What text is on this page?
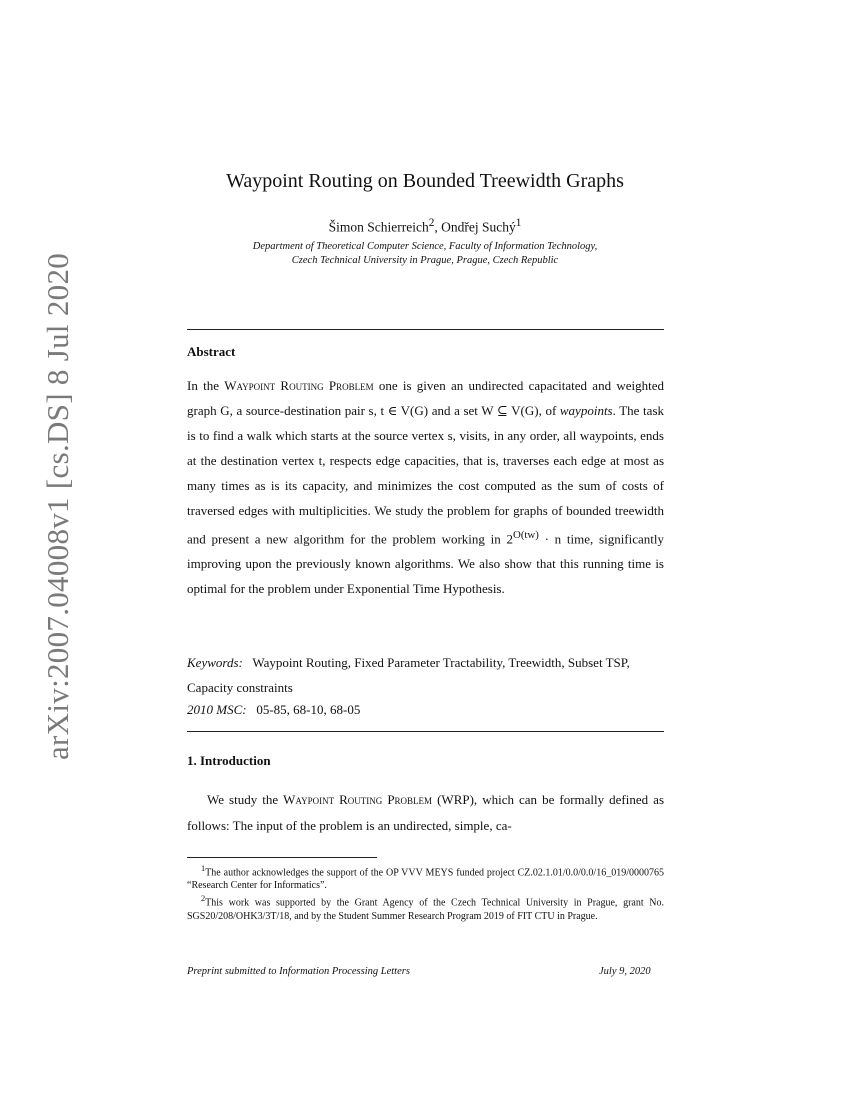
arXiv:2007.04008v1 [cs.DS] 8 Jul 2020
Waypoint Routing on Bounded Treewidth Graphs
Šimon Schierreich$^2$, Ondřej Suchý$^1$
Department of Theoretical Computer Science, Faculty of Information Technology,
Czech Technical University in Prague, Prague, Czech Republic
Abstract
In the Waypoint Routing Problem one is given an undirected capacitated and weighted graph G, a source-destination pair s, t ∈ V(G) and a set W ⊆ V(G), of waypoints. The task is to find a walk which starts at the source vertex s, visits, in any order, all waypoints, ends at the destination vertex t, respects edge capacities, that is, traverses each edge at most as many times as is its capacity, and minimizes the cost computed as the sum of costs of traversed edges with multiplicities. We study the problem for graphs of bounded treewidth and present a new algorithm for the problem working in $2^{O(tw)} \cdot n$ time, significantly improving upon the previously known algorithms. We also show that this running time is optimal for the problem under Exponential Time Hypothesis.
Keywords: Waypoint Routing, Fixed Parameter Tractability, Treewidth, Subset TSP, Capacity constraints
2010 MSC: 05-85, 68-10, 68-05
1. Introduction
We study the Waypoint Routing Problem (WRP), which can be formally defined as follows: The input of the problem is an undirected, simple, ca-

$^1$The author acknowledges the support of the OP VVV MEYS funded project CZ.02.1.01/0.0/0.0/16_019/0000765 “Research Center for Informatics”.

$^2$This work was supported by the Grant Agency of the Czech Technical University in Prague, grant No. SGS20/208/OHK3/3T/18, and by the Student Summer Research Program 2019 of FIT CTU in Prague.

Preprint submitted to Information Processing Letters	July 9, 2020
